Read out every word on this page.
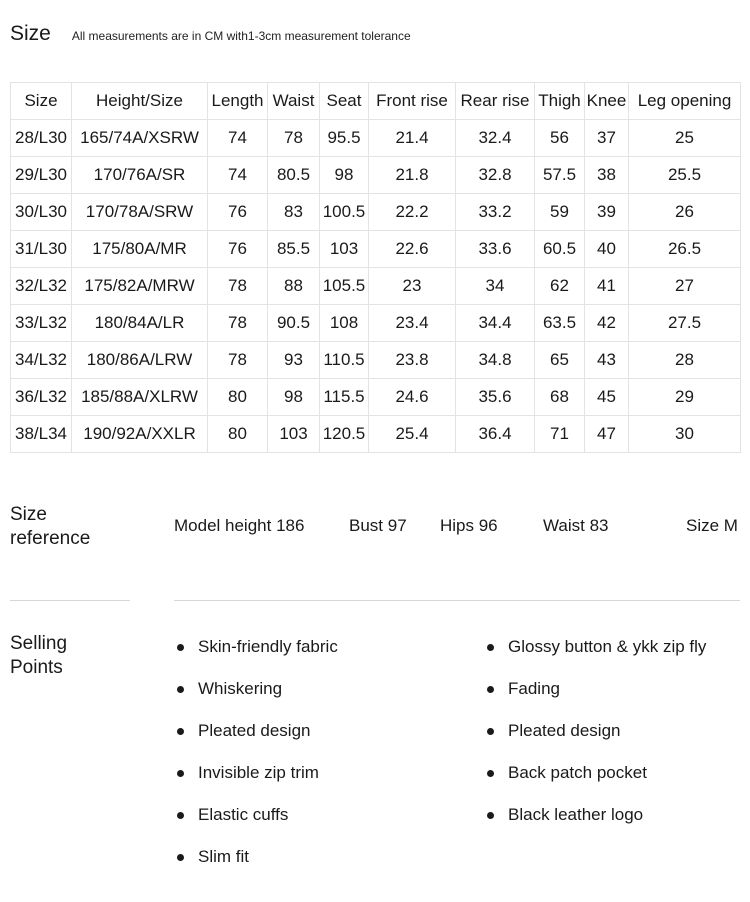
Size All measurements are in CM with1-3cm measurement tolerance
Size	Height/Size	Length	Waist	Seat	Front rise	Rear rise	Thigh	Knee	Leg opening
28/L30	165/74A/XSRW	74	78	95.5	21.4	32.4	56	37	25
29/L30	170/76A/SR	74	80.5	98	21.8	32.8	57.5	38	25.5
30/L30	170/78A/SRW	76	83	100.5	22.2	33.2	59	39	26
31/L30	175/80A/MR	76	85.5	103	22.6	33.6	60.5	40	26.5
32/L32	175/82A/MRW	78	88	105.5	23	34	62	41	27
33/L32	180/84A/LR	78	90.5	108	23.4	34.4	63.5	42	27.5
34/L32	180/86A/LRW	78	93	110.5	23.8	34.8	65	43	28
36/L32	185/88A/XLRW	80	98	115.5	24.6	35.6	68	45	29
38/L34	190/92A/XXLR	80	103	120.5	25.4	36.4	71	47	30
Size
reference
Model height 186	Bust 97 Hips 96	Waist 83	Size M
Selling
Points
Skin-friendly fabric
Whiskering
Pleated design
Invisible zip trim
Elastic cuffs
Slim fit
Glossy button & ykk zip fly
Fading
Pleated design
Back patch pocket
Black leather logo
